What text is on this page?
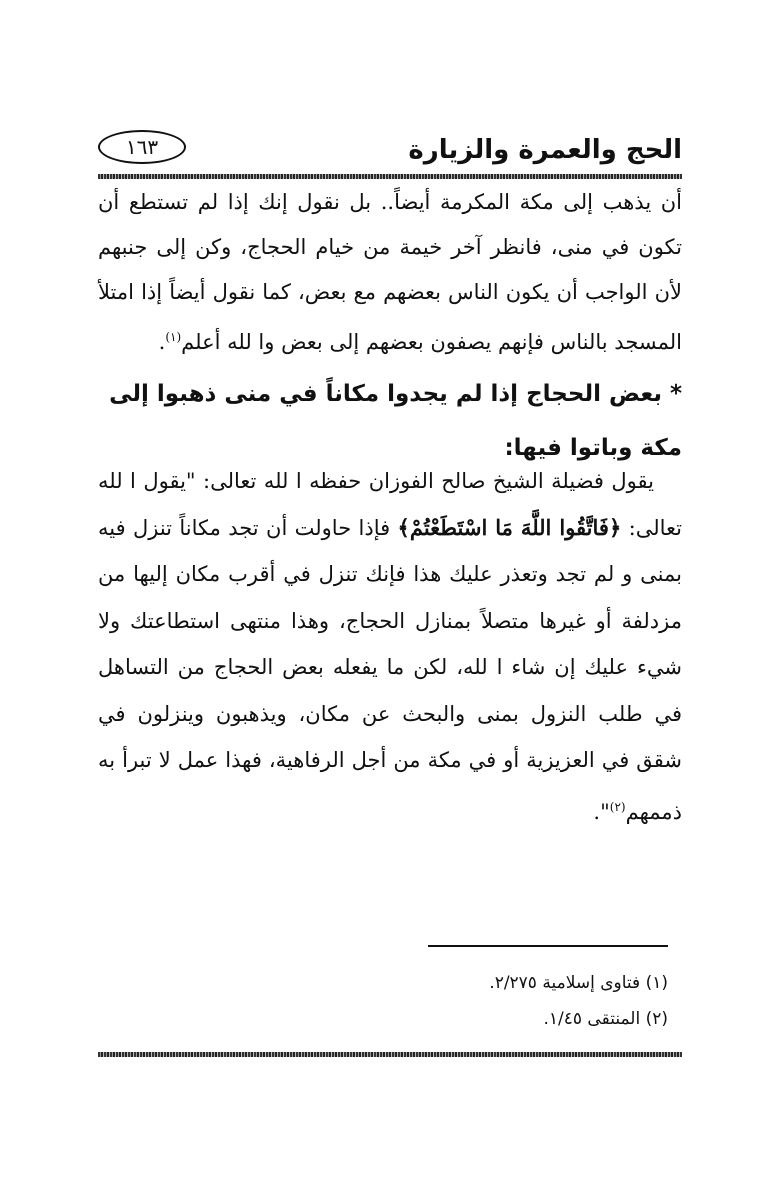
الحج والعمرة والزيارة
١٦٣

أن يذهب إلى مكة المكرمة أيضاً.. بل نقول إنك إذا لم تستطع أن تكون في منى، فانظر آخر خيمة من خيام الحجاج، وكن إلى جنبهم لأن الواجب أن يكون الناس بعضهم مع بعض، كما نقول أيضاً إذا امتلأ المسجد بالناس فإنهم يصفون بعضهم إلى بعض وا لله أعلم$^{(١)}$.

* بعض الحجاج إذا لم يجدوا مكاناً في منى ذهبوا إلى مكة وباتوا فيها:
يقول فضيلة الشيخ صالح الفوزان حفظه ا لله تعالى: "يقول ا لله تعالى: ﴿فَاتَّقُوا اللَّهَ مَا اسْتَطَعْتُمْ﴾ فإذا حاولت أن تجد مكاناً تنزل فيه بمنى و لم تجد وتعذر عليك هذا فإنك تنزل في أقرب مكان إليها من مزدلفة أو غيرها متصلاً بمنازل الحجاج، وهذا منتهى استطاعتك ولا شيء عليك إن شاء ا لله، لكن ما يفعله بعض الحجاج من التساهل في طلب النزول بمنى والبحث عن مكان، ويذهبون وينزلون في شقق في العزيزية أو في مكة من أجل الرفاهية، فهذا عمل لا تبرأ به ذممهم$^{(٢)}$".
(١) فتاوى إسلامية ٢/٢٧٥.
(٢) المنتقى ١/٤٥.
